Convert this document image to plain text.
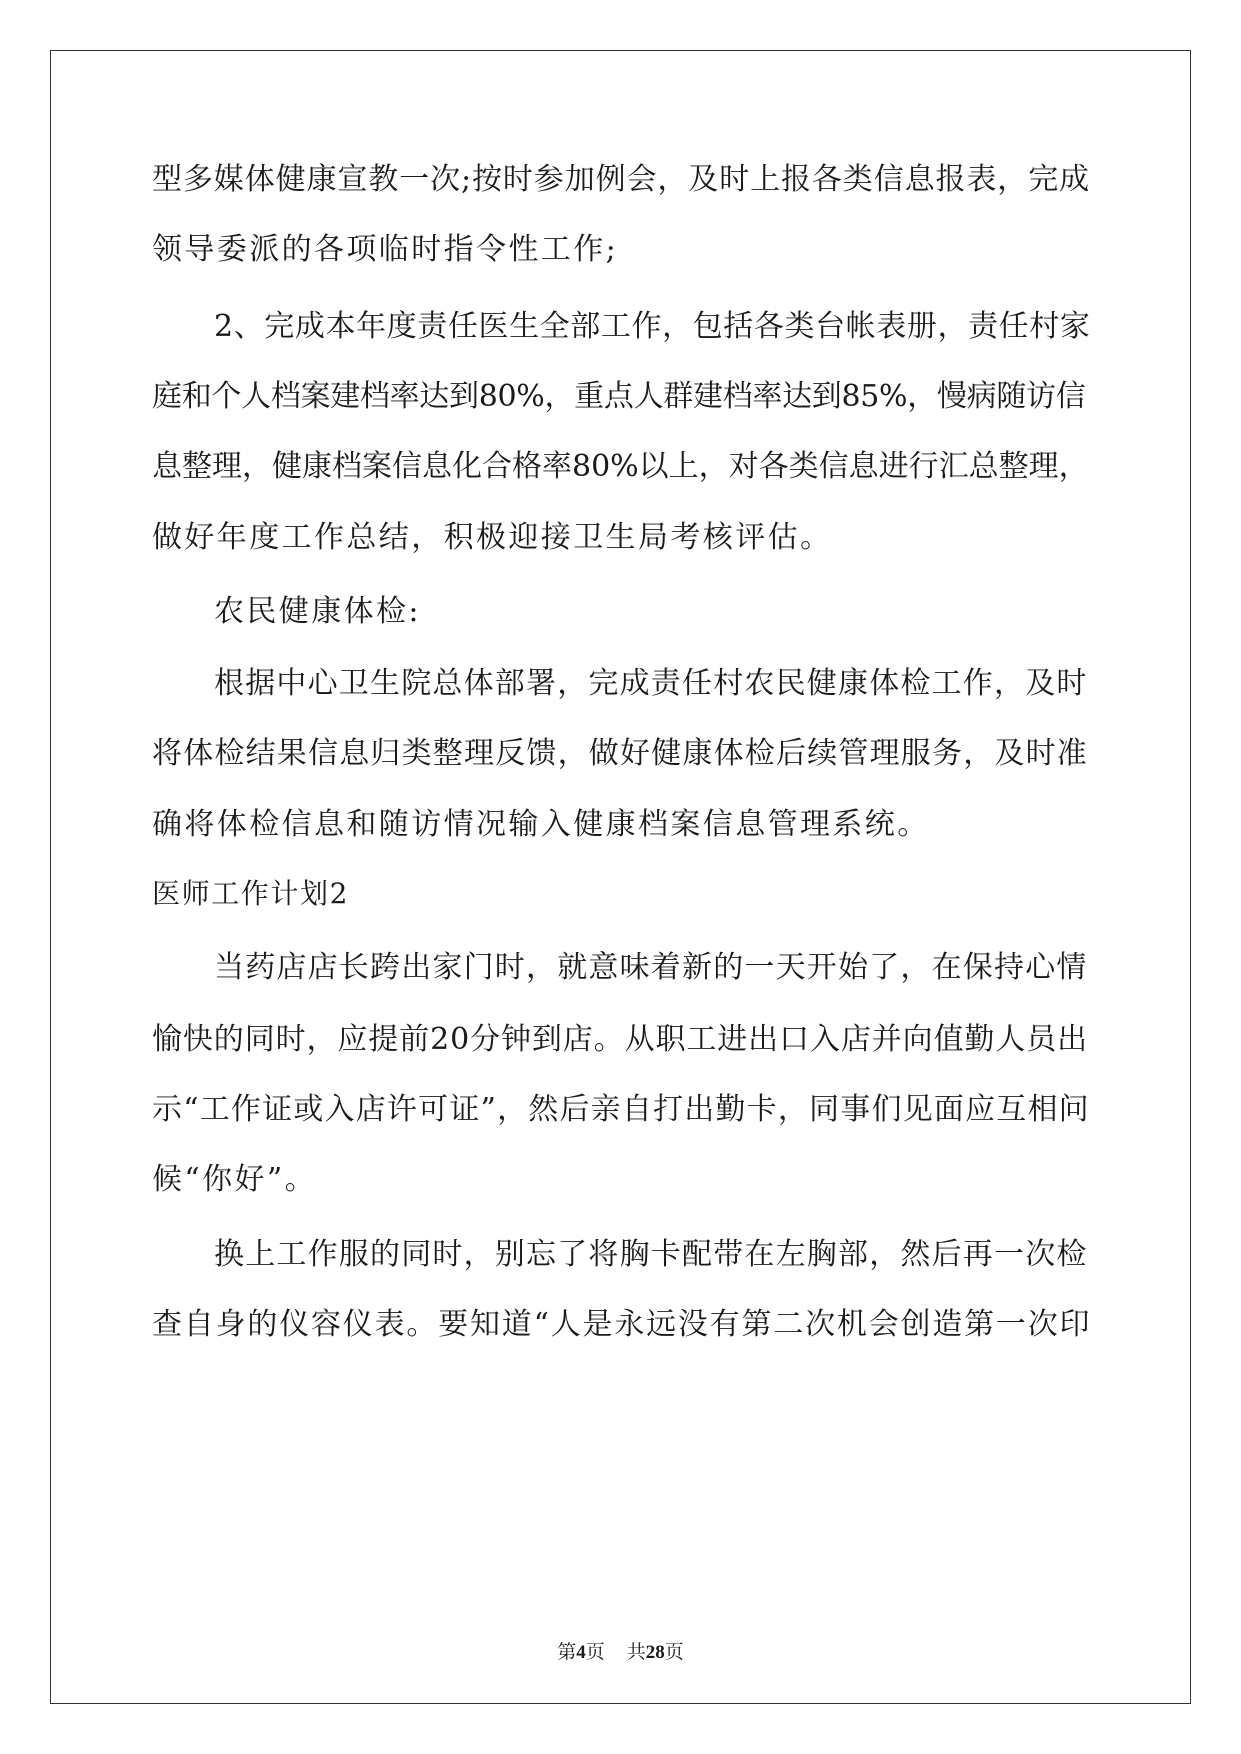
型多媒体健康宣教一次;按时参加例会，及时上报各类信息报表，完成
领导委派的各项临时指令性工作;
2、完成本年度责任医生全部工作，包括各类台帐表册，责任村家
庭和个人档案建档率达到80%，重点人群建档率达到85%，慢病随访信
息整理，健康档案信息化合格率80%以上，对各类信息进行汇总整理，
做好年度工作总结，积极迎接卫生局考核评估。
农民健康体检:
根据中心卫生院总体部署，完成责任村农民健康体检工作，及时
将体检结果信息归类整理反馈，做好健康体检后续管理服务，及时准
确将体检信息和随访情况输入健康档案信息管理系统。
医师工作计划2
当药店店长跨出家门时，就意味着新的一天开始了，在保持心情
愉快的同时，应提前20分钟到店。从职工进出口入店并向值勤人员出
示“工作证或入店许可证”，然后亲自打出勤卡，同事们见面应互相问
候“你好”。
换上工作服的同时，别忘了将胸卡配带在左胸部，然后再一次检
查自身的仪容仪表。要知道“人是永远没有第二次机会创造第一次印
第4页 共28页
